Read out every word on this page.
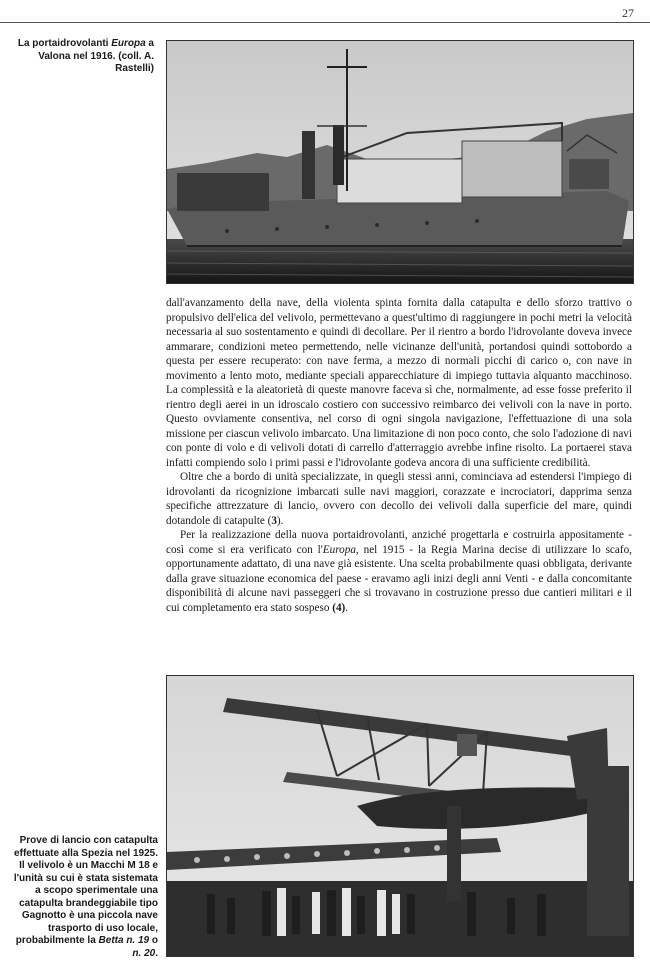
27
La portaidrovolanti Europa a Valona nel 1916. (coll. A. Rastelli)

dall'avanzamento della nave, della violenta spinta fornita dalla catapulta e dello sforzo trattivo o propulsivo dell'elica del velivolo, permettevano a quest'ultimo di raggiungere in pochi metri la velocità necessaria al suo sostentamento e quindi di decollare. Per il rientro a bordo l'idrovolante doveva invece ammarare, condizioni meteo permettendo, nelle vicinanze dell'unità, portandosi quindi sottobordo a questa per essere recuperato: con nave ferma, a mezzo di normali picchi di carico o, con nave in movimento a lento moto, mediante speciali apparecchiature di impiego tuttavia alquanto macchinoso. La complessità e la aleatorietà di queste manovre faceva sì che, normalmente, ad esse fosse preferito il rientro degli aerei in un idroscalo costiero con successivo reimbarco dei velivoli con la nave in porto. Questo ovviamente consentiva, nel corso di ogni singola navigazione, l'effettuazione di una sola missione per ciascun velivolo imbarcato. Una limitazione di non poco conto, che solo l'adozione di navi con ponte di volo e di velivoli dotati di carrello d'atterraggio avrebbe infine risolto. La portaerei stava infatti compiendo solo i primi passi e l'idrovolante godeva ancora di una sufficiente credibilità.

Oltre che a bordo di unità specializzate, in quegli stessi anni, cominciava ad estendersi l'impiego di idrovolanti da ricognizione imbarcati sulle navi maggiori, corazzate e incrociatori, dapprima senza specifiche attrezzature di lancio, ovvero con decollo dei velivoli dalla superficie del mare, quindi dotandole di catapulte (3).

Per la realizzazione della nuova portaidrovolanti, anziché progettarla e costruirla appositamente - così come si era verificato con l'Europa, nel 1915 - la Regia Marina decise di utilizzare lo scafo, opportunamente adattato, di una nave già esistente. Una scelta probabilmente quasi obbligata, derivante dalla grave situazione economica del paese - eravamo agli inizi degli anni Venti - e dalla concomitante disponibilità di alcune navi passeggeri che si trovavano in costruzione presso due cantieri militari e il cui completamento era stato sospeso (4).

Prove di lancio con catapulta effettuate alla Spezia nel 1925. Il velivolo è un Macchi M 18 e l'unità su cui è stata sistemata a scopo sperimentale una catapulta brandeggiabile tipo Gagnotto è una piccola nave trasporto di uso locale, probabilmente la Betta n. 19 o n. 20.
